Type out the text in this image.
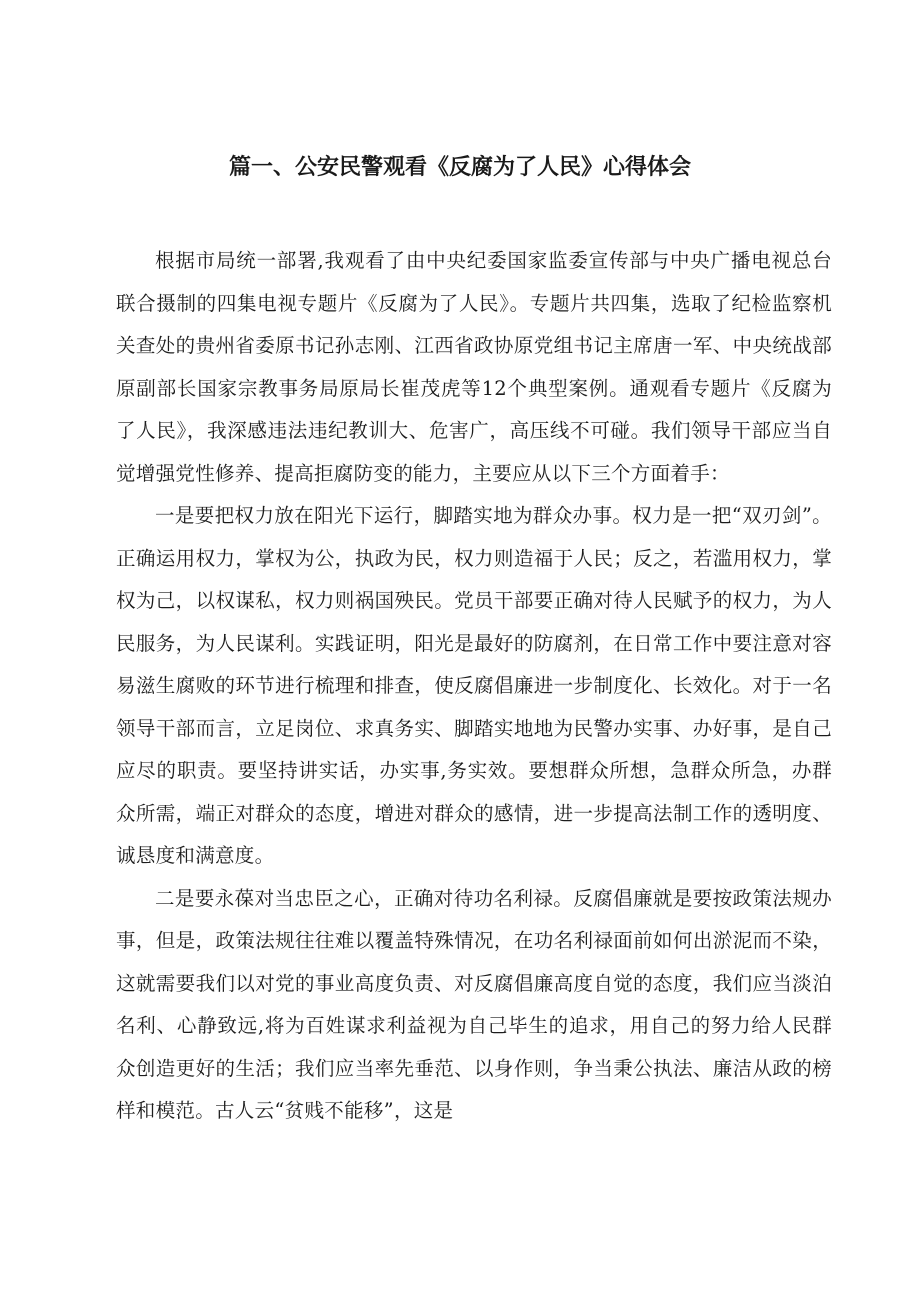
篇一、公安民警观看《反腐为了人民》心得体会

根据市局统一部署,我观看了由中央纪委国家监委宣传部与中央广播电视总台联合摄制的四集电视专题片《反腐为了人民》。专题片共四集，选取了纪检监察机关查处的贵州省委原书记孙志刚、江西省政协原党组书记主席唐一军、中央统战部原副部长国家宗教事务局原局长崔茂虎等12个典型案例。通观看专题片《反腐为了人民》，我深感违法违纪教训大、危害广，高压线不可碰。我们领导干部应当自觉增强党性修养、提高拒腐防变的能力，主要应从以下三个方面着手：

一是要把权力放在阳光下运行，脚踏实地为群众办事。权力是一把“双刃剑”。正确运用权力，掌权为公，执政为民，权力则造福于人民；反之，若滥用权力，掌权为己，以权谋私，权力则祸国殃民。党员干部要正确对待人民赋予的权力，为人民服务，为人民谋利。实践证明，阳光是最好的防腐剂，在日常工作中要注意对容易滋生腐败的环节进行梳理和排查，使反腐倡廉进一步制度化、长效化。对于一名领导干部而言，立足岗位、求真务实、脚踏实地地为民警办实事、办好事，是自己应尽的职责。要坚持讲实话，办实事,务实效。要想群众所想，急群众所急，办群众所需，端正对群众的态度，增进对群众的感情，进一步提高法制工作的透明度、诚恳度和满意度。

二是要永葆对当忠臣之心，正确对待功名利禄。反腐倡廉就是要按政策法规办事，但是，政策法规往往难以覆盖特殊情况，在功名利禄面前如何出淤泥而不染，这就需要我们以对党的事业高度负责、对反腐倡廉高度自觉的态度，我们应当淡泊名利、心静致远,将为百姓谋求利益视为自己毕生的追求，用自己的努力给人民群众创造更好的生活；我们应当率先垂范、以身作则，争当秉公执法、廉洁从政的榜样和模范。古人云“贫贱不能移”，这是
